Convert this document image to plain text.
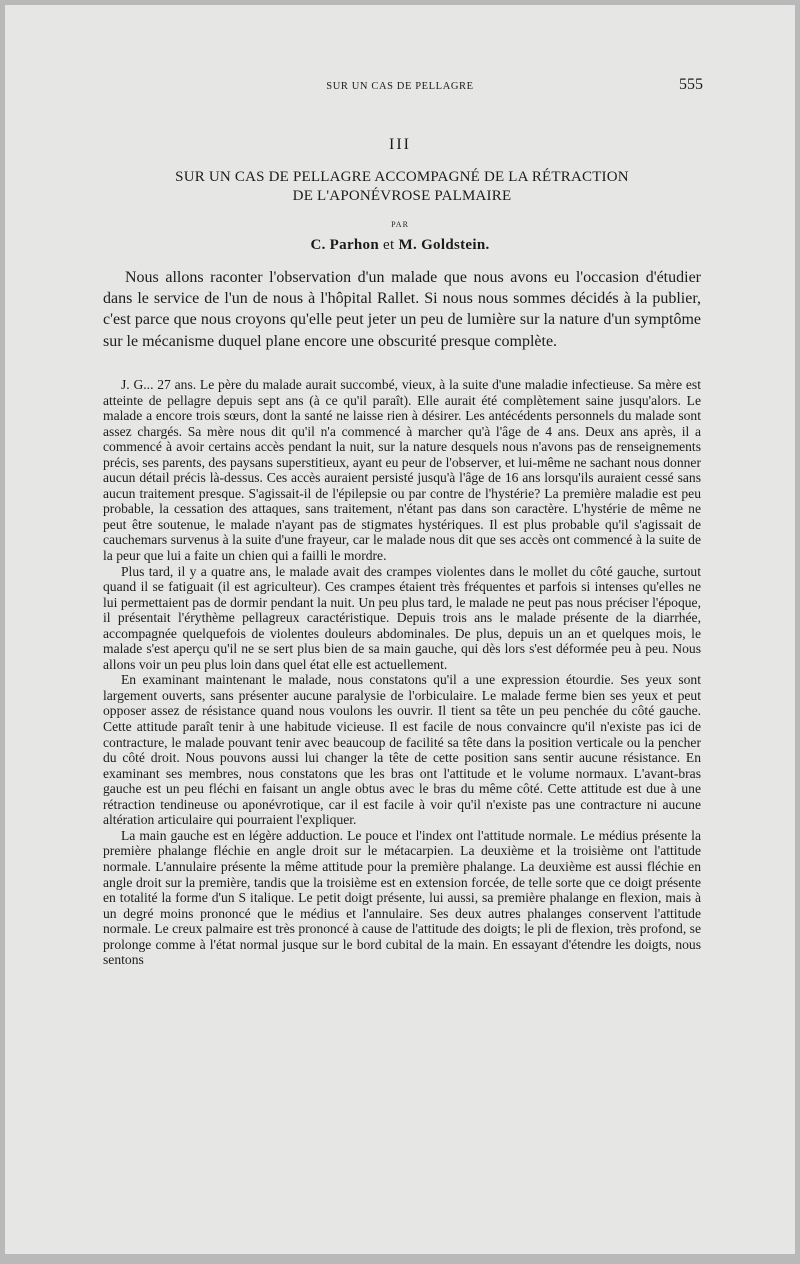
SUR UN CAS DE PELLAGRE	555
III
SUR UN CAS DE PELLAGRE ACCOMPAGNÉ DE LA RÉTRACTION
DE L'APONÉVROSE PALMAIRE
PAR
C. Parhon et M. Goldstein.

Nous allons raconter l'observation d'un malade que nous avons eu l'occasion d'étudier dans le service de l'un de nous à l'hôpital Rallet. Si nous nous sommes décidés à la publier, c'est parce que nous croyons qu'elle peut jeter un peu de lumière sur la nature d'un symptôme sur le mécanisme duquel plane encore une obscurité presque complète.

J. G... 27 ans. Le père du malade aurait succombé, vieux, à la suite d'une maladie infectieuse. Sa mère est atteinte de pellagre depuis sept ans (à ce qu'il paraît). Elle aurait été complètement saine jusqu'alors. Le malade a encore trois sœurs, dont la santé ne laisse rien à désirer. Les antécédents personnels du malade sont assez chargés. Sa mère nous dit qu'il n'a commencé à marcher qu'à l'âge de 4 ans. Deux ans après, il a commencé à avoir certains accès pendant la nuit, sur la nature desquels nous n'avons pas de renseignements précis, ses parents, des paysans superstitieux, ayant eu peur de l'observer, et lui-même ne sachant nous donner aucun détail précis là-dessus. Ces accès auraient persisté jusqu'à l'âge de 16 ans lorsqu'ils auraient cessé sans aucun traitement presque. S'agissait-il de l'épilepsie ou par contre de l'hystérie? La première maladie est peu probable, la cessation des attaques, sans traitement, n'étant pas dans son caractère. L'hystérie de même ne peut être soutenue, le malade n'ayant pas de stigmates hystériques. Il est plus probable qu'il s'agissait de cauchemars survenus à la suite d'une frayeur, car le malade nous dit que ses accès ont commencé à la suite de la peur que lui a faite un chien qui a failli le mordre.

Plus tard, il y a quatre ans, le malade avait des crampes violentes dans le mollet du côté gauche, surtout quand il se fatiguait (il est agriculteur). Ces crampes étaient très fréquentes et parfois si intenses qu'elles ne lui permettaient pas de dormir pendant la nuit. Un peu plus tard, le malade ne peut pas nous préciser l'époque, il présentait l'érythème pellagreux caractéristique. Depuis trois ans le malade présente de la diarrhée, accompagnée quelquefois de violentes douleurs abdominales. De plus, depuis un an et quelques mois, le malade s'est aperçu qu'il ne se sert plus bien de sa main gauche, qui dès lors s'est déformée peu à peu. Nous allons voir un peu plus loin dans quel état elle est actuellement.

En examinant maintenant le malade, nous constatons qu'il a une expression étourdie. Ses yeux sont largement ouverts, sans présenter aucune paralysie de l'orbiculaire. Le malade ferme bien ses yeux et peut opposer assez de résistance quand nous voulons les ouvrir. Il tient sa tête un peu penchée du côté gauche. Cette attitude paraît tenir à une habitude vicieuse. Il est facile de nous convaincre qu'il n'existe pas ici de contracture, le malade pouvant tenir avec beaucoup de facilité sa tête dans la position verticale ou la pencher du côté droit. Nous pouvons aussi lui changer la tête de cette position sans sentir aucune résistance. En examinant ses membres, nous constatons que les bras ont l'attitude et le volume normaux. L'avant-bras gauche est un peu fléchi en faisant un angle obtus avec le bras du même côté. Cette attitude est due à une rétraction tendineuse ou aponévrotique, car il est facile à voir qu'il n'existe pas une contracture ni aucune altération articulaire qui pourraient l'expliquer.

La main gauche est en légère adduction. Le pouce et l'index ont l'attitude normale. Le médius présente la première phalange fléchie en angle droit sur le métacarpien. La deuxième et la troisième ont l'attitude normale. L'annulaire présente la même attitude pour la première phalange. La deuxième est aussi fléchie en angle droit sur la première, tandis que la troisième est en extension forcée, de telle sorte que ce doigt présente en totalité la forme d'un S italique. Le petit doigt présente, lui aussi, sa première phalange en flexion, mais à un degré moins prononcé que le médius et l'annulaire. Ses deux autres phalanges conservent l'attitude normale. Le creux palmaire est très prononcé à cause de l'attitude des doigts; le pli de flexion, très profond, se prolonge comme à l'état normal jusque sur le bord cubital de la main. En essayant d'étendre les doigts, nous sentons
